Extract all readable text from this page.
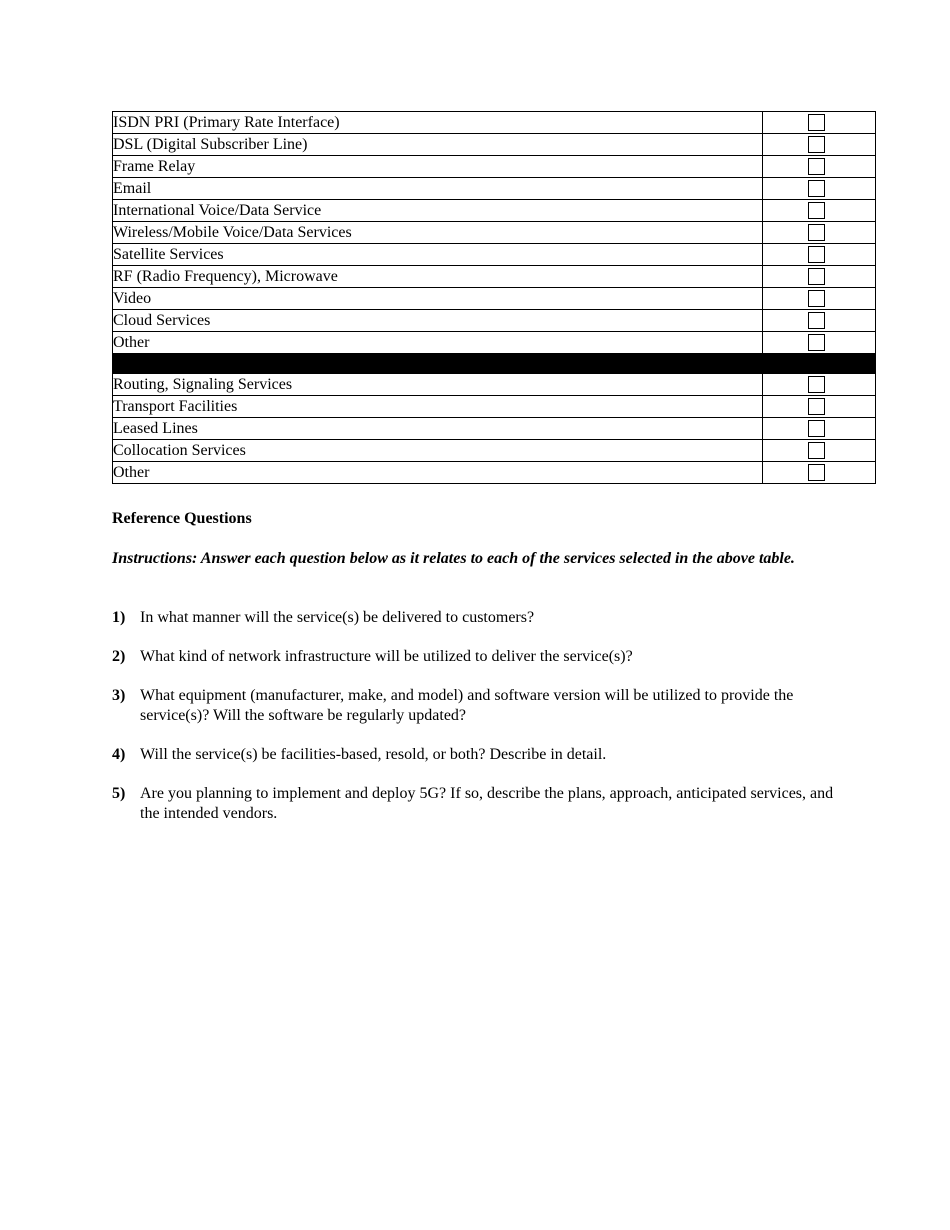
ISDN PRI (Primary Rate Interface)	

DSL (Digital Subscriber Line)	

Frame Relay	

Email	

International Voice/Data Service	

Wireless/Mobile Voice/Data Services	

Satellite Services	

RF (Radio Frequency), Microwave	

Video	

Cloud Services	

Other	

Routing, Signaling Services	

Transport Facilities	

Leased Lines	

Collocation Services	

Other	
Reference Questions
Instructions: Answer each question below as it relates to each of the services selected in the above table.
1) In what manner will the service(s) be delivered to customers?
2) What kind of network infrastructure will be utilized to deliver the service(s)?
3) What equipment (manufacturer, make, and model) and software version will be utilized to provide the service(s)? Will the software be regularly updated?
4) Will the service(s) be facilities-based, resold, or both? Describe in detail.
5) Are you planning to implement and deploy 5G? If so, describe the plans, approach, anticipated services, and the intended vendors.
